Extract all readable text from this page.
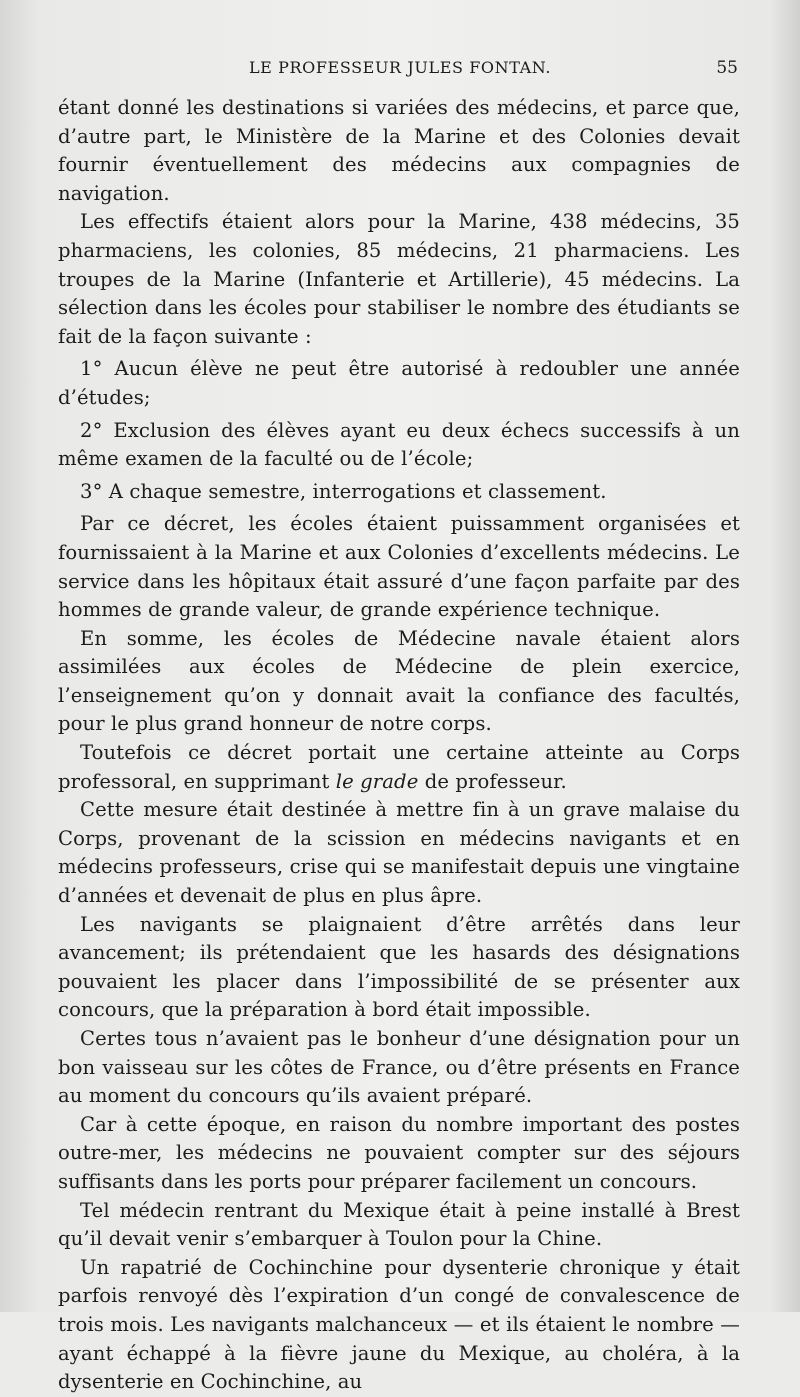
LE PROFESSEUR JULES FONTAN.	55

étant donné les destinations si variées des médecins, et parce que, d’autre part, le Ministère de la Marine et des Colonies devait fournir éventuellement des médecins aux compagnies de navigation.

Les effectifs étaient alors pour la Marine, 438 médecins, 35 pharmaciens, les colonies, 85 médecins, 21 pharmaciens. Les troupes de la Marine (Infanterie et Artillerie), 45 médecins. La sélection dans les écoles pour stabiliser le nombre des étudiants se fait de la façon suivante :

1° Aucun élève ne peut être autorisé à redoubler une année d’études;

2° Exclusion des élèves ayant eu deux échecs successifs à un même examen de la faculté ou de l’école;

3° A chaque semestre, interrogations et classement.

Par ce décret, les écoles étaient puissamment organisées et fournissaient à la Marine et aux Colonies d’excellents médecins. Le service dans les hôpitaux était assuré d’une façon parfaite par des hommes de grande valeur, de grande expérience technique.

En somme, les écoles de Médecine navale étaient alors assimilées aux écoles de Médecine de plein exercice, l’enseignement qu’on y donnait avait la confiance des facultés, pour le plus grand honneur de notre corps.

Toutefois ce décret portait une certaine atteinte au Corps professoral, en supprimant le grade de professeur.

Cette mesure était destinée à mettre fin à un grave malaise du Corps, provenant de la scission en médecins navigants et en médecins professeurs, crise qui se manifestait depuis une vingtaine d’années et devenait de plus en plus âpre.

Les navigants se plaignaient d’être arrêtés dans leur avancement; ils prétendaient que les hasards des désignations pouvaient les placer dans l’impossibilité de se présenter aux concours, que la préparation à bord était impossible.

Certes tous n’avaient pas le bonheur d’une désignation pour un bon vaisseau sur les côtes de France, ou d’être présents en France au moment du concours qu’ils avaient préparé.

Car à cette époque, en raison du nombre important des postes outre-mer, les médecins ne pouvaient compter sur des séjours suffisants dans les ports pour préparer facilement un concours.

Tel médecin rentrant du Mexique était à peine installé à Brest qu’il devait venir s’embarquer à Toulon pour la Chine.

Un rapatrié de Cochinchine pour dysenterie chronique y était parfois renvoyé dès l’expiration d’un congé de convalescence de trois mois. Les navigants malchanceux — et ils étaient le nombre — ayant échappé à la fièvre jaune du Mexique, au choléra, à la dysenterie en Cochinchine, au
